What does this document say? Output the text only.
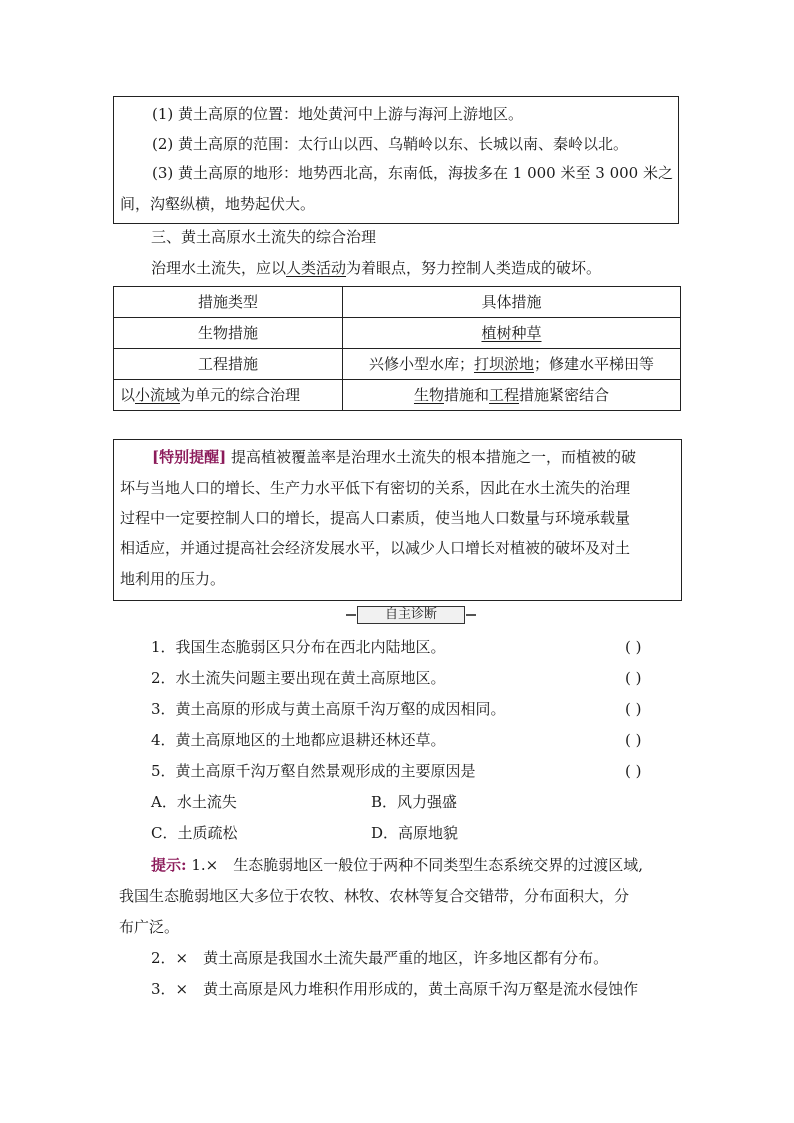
(1) 黄土高原的位置：地处黄河中上游与海河上游地区。
(2) 黄土高原的范围：太行山以西、乌鞘岭以东、长城以南、秦岭以北。
(3) 黄土高原的地形：地势西北高，东南低，海拔多在 1 000 米至 3 000 米之
间，沟壑纵横，地势起伏大。
三、黄土高原水土流失的综合治理
治理水土流失，应以人类活动为着眼点，努力控制人类造成的破坏。
措施类型	具体措施
生物措施	植树种草
工程措施	兴修小型水库；打坝淤地；修建水平梯田等
以小流域为单元的综合治理	生物措施和工程措施紧密结合
[特别提醒] 提高植被覆盖率是治理水土流失的根本措施之一，而植被的破
坏与当地人口的增长、生产力水平低下有密切的关系，因此在水土流失的治理
过程中一定要控制人口的增长，提高人口素质，使当地人口数量与环境承载量
相适应，并通过提高社会经济发展水平，以减少人口增长对植被的破坏及对土
地利用的压力。
自主诊断
1．我国生态脆弱区只分布在西北内陆地区。	( )
2．水土流失问题主要出现在黄土高原地区。	( )
3．黄土高原的形成与黄土高原千沟万壑的成因相同。	( )
4．黄土高原地区的土地都应退耕还林还草。	( )
5．黄土高原千沟万壑自然景观形成的主要原因是	( )
A．水土流失	B．风力强盛
C．土质疏松	D．高原地貌
提示: 1.×　生态脆弱地区一般位于两种不同类型生态系统交界的过渡区域,
我国生态脆弱地区大多位于农牧、林牧、农林等复合交错带，分布面积大，分
布广泛。
2．×　黄土高原是我国水土流失最严重的地区，许多地区都有分布。
3．×　黄土高原是风力堆积作用形成的，黄土高原千沟万壑是流水侵蚀作
